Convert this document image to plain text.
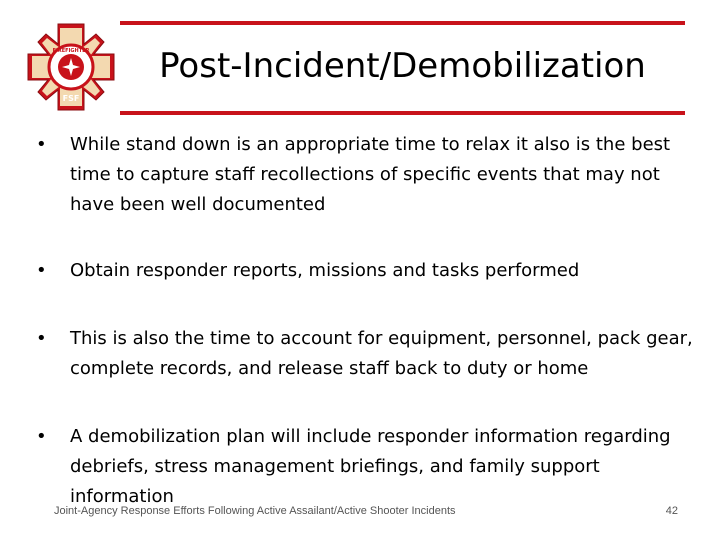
FIREFIGHTER
FSF
Post-Incident/Demobilization
• While stand down is an appropriate time to relax it also is the best time to capture staff recollections of specific events that may not have been well documented
• Obtain responder reports, missions and tasks performed
• This is also the time to account for equipment, personnel, pack gear, complete records, and release staff back to duty or home
• A demobilization plan will include responder information regarding debriefs, stress management briefings, and family support information
Joint-Agency Response Efforts Following Active Assailant/Active Shooter Incidents	42
